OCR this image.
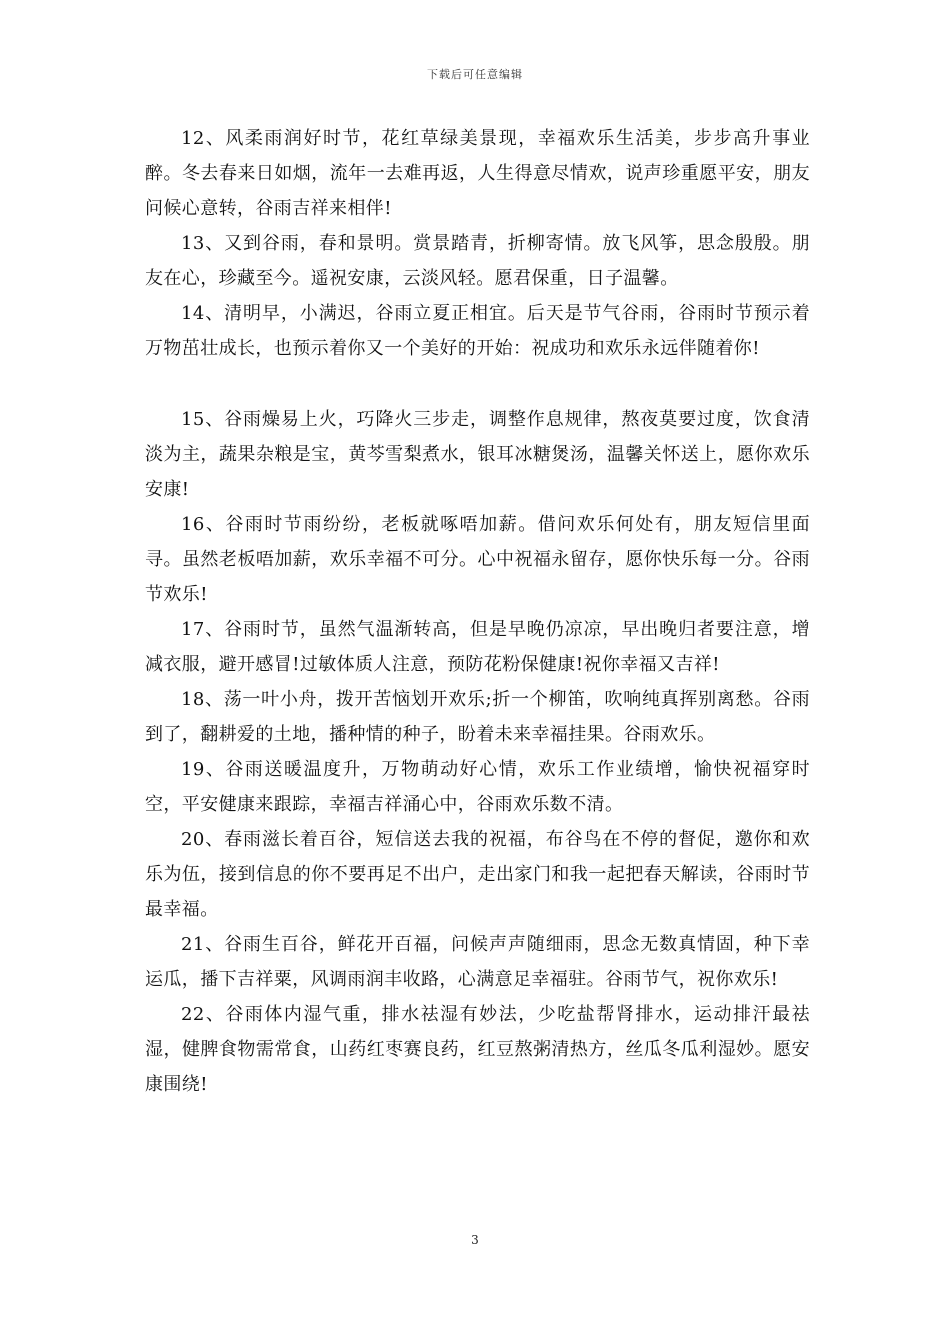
下载后可任意编辑

12、风柔雨润好时节，花红草绿美景现，幸福欢乐生活美，步步高升事业醉。冬去春来日如烟，流年一去难再返，人生得意尽情欢，说声珍重愿平安，朋友问候心意转，谷雨吉祥来相伴!

13、又到谷雨，春和景明。赏景踏青，折柳寄情。放飞风筝，思念殷殷。朋友在心，珍藏至今。遥祝安康，云淡风轻。愿君保重，日子温馨。

14、清明早，小满迟，谷雨立夏正相宜。后天是节气谷雨，谷雨时节预示着万物茁壮成长，也预示着你又一个美好的开始：祝成功和欢乐永远伴随着你!

15、谷雨燥易上火，巧降火三步走，调整作息规律，熬夜莫要过度，饮食清淡为主，蔬果杂粮是宝，黄芩雪梨煮水，银耳冰糖煲汤，温馨关怀送上，愿你欢乐安康!

16、谷雨时节雨纷纷，老板就啄唔加薪。借问欢乐何处有，朋友短信里面寻。虽然老板唔加薪，欢乐幸福不可分。心中祝福永留存，愿你快乐每一分。谷雨节欢乐!

17、谷雨时节，虽然气温渐转高，但是早晚仍凉凉，早出晚归者要注意，增减衣服，避开感冒!过敏体质人注意，预防花粉保健康!祝你幸福又吉祥!

18、荡一叶小舟，拨开苦恼划开欢乐;折一个柳笛，吹响纯真挥别离愁。谷雨到了，翻耕爱的土地，播种情的种子，盼着未来幸福挂果。谷雨欢乐。

19、谷雨送暖温度升，万物萌动好心情，欢乐工作业绩增，愉快祝福穿时空，平安健康来跟踪，幸福吉祥涌心中，谷雨欢乐数不清。

20、春雨滋长着百谷，短信送去我的祝福，布谷鸟在不停的督促，邀你和欢乐为伍，接到信息的你不要再足不出户，走出家门和我一起把春天解读，谷雨时节最幸福。

21、谷雨生百谷，鲜花开百福，问候声声随细雨，思念无数真情固，种下幸运瓜，播下吉祥粟，风调雨润丰收路，心满意足幸福驻。谷雨节气，祝你欢乐!

22、谷雨体内湿气重，排水祛湿有妙法，少吃盐帮肾排水，运动排汗最祛湿，健脾食物需常食，山药红枣赛良药，红豆熬粥清热方，丝瓜冬瓜利湿妙。愿安康围绕!

3
